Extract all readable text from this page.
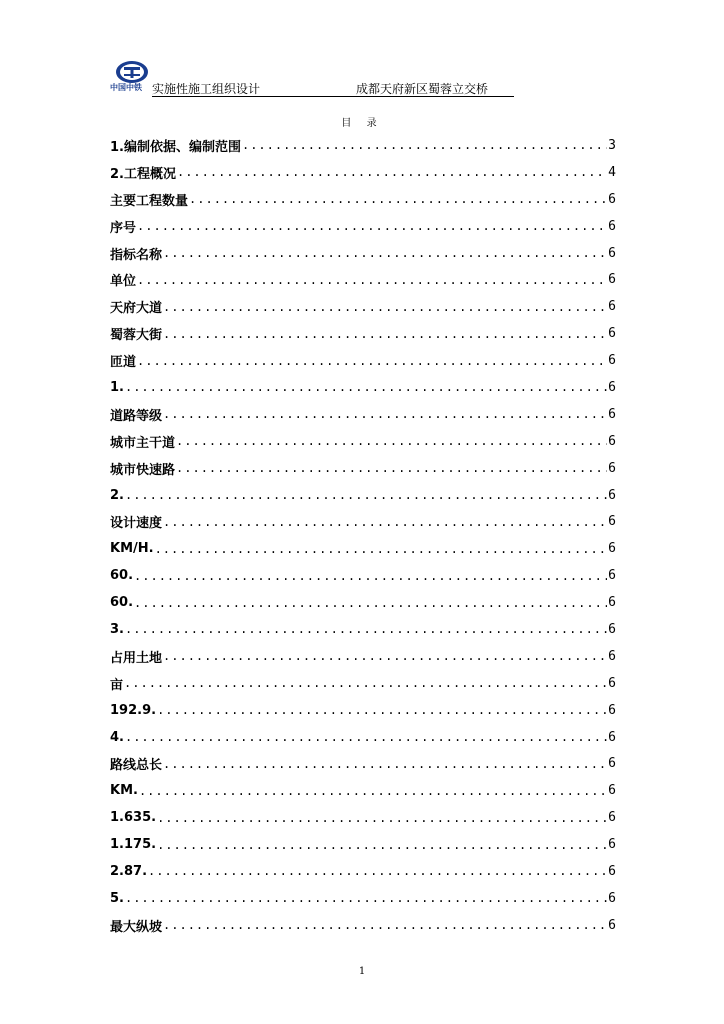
中国中铁 实施性施工组织设计	成都天府新区蜀蓉立交桥
目 录
1.编制依据、编制范围 .....	3
2.工程概况 .....	4
主要工程数量 .....	6
序号 .....	6
指标名称 .....	6
单位 .....	6
天府大道 .....	6
蜀蓉大街 .....	6
匝道 .....	6
1. .....	6
道路等级 .....	6
城市主干道 .....	6
城市快速路 .....	6
2. .....	6
设计速度 .....	6
KM/H. .....	6
60. .....	6
60. .....	6
3. .....	6
占用土地 .....	6
亩 .....	6
192.9. .....	6
4. .....	6
路线总长 .....	6
KM. .....	6
1.635. .....	6
1.175. .....	6
2.87. .....	6
5. .....	6
最大纵坡 .....	6
1
